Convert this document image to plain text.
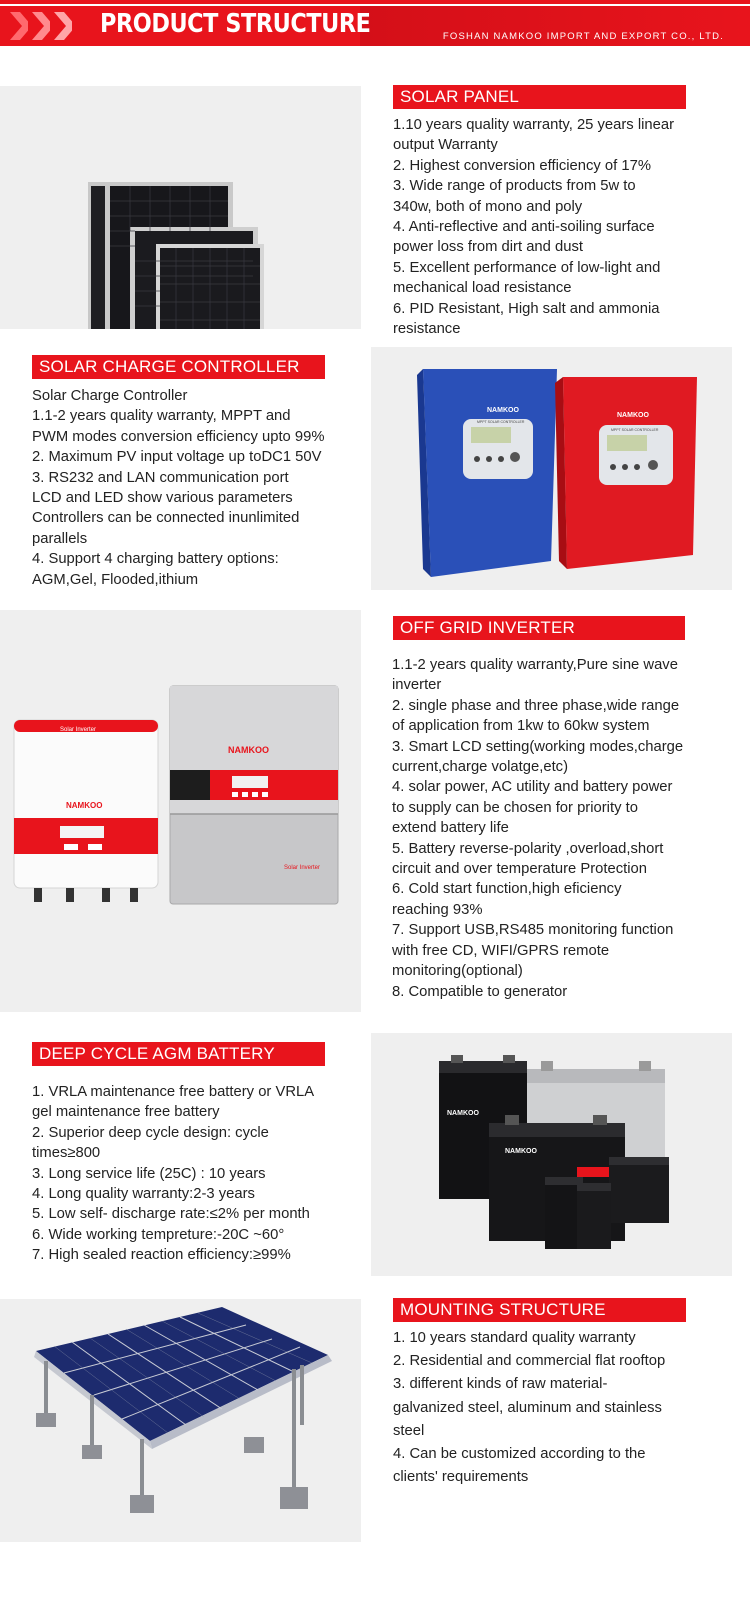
PRODUCT STRUCTURE	FOSHAN NAMKOO IMPORT AND EXPORT CO., LTD.
SOLAR PANEL

1.10 years quality warranty, 25 years linear

output Warranty

2. Highest conversion efficiency of 17%

3. Wide range of products from 5w to

340w, both of mono and poly

4. Anti-reflective and anti-soiling surface

power loss from dirt and dust

5. Excellent performance of low-light and

mechanical load resistance

6. PID Resistant, High salt and ammonia

resistance

SOLAR CHARGE CONTROLLER

Solar Charge Controller

1.1-2 years quality warranty, MPPT and

PWM modes conversion efficiency upto 99%

2. Maximum PV input voltage up toDC1 50V

3. RS232 and LAN communication port

LCD and LED show various parameters

Controllers can be connected inunlimited

parallels

4. Support 4 charging battery options:

AGM,Gel, Flooded,ithium

NAMKOO
MPPT SOLAR CONTROLLER
NAMKOO
MPPT SOLAR CONTROLLER
Solar Inverter
NAMKOO
NAMKOO
Solar Inverter
OFF GRID INVERTER

1.1-2 years quality warranty,Pure sine wave

inverter

2. single phase and three phase,wide range

of application from 1kw to 60kw system

3. Smart LCD setting(working modes,charge

current,charge volatge,etc)

4. solar power, AC utility and battery power

to supply can be chosen for priority to

extend battery life

5. Battery reverse-polarity ,overload,short

circuit and over temperature Protection

6. Cold start function,high eficiency

reaching 93%

7. Support USB,RS485 monitoring function

with free CD, WIFI/GPRS remote

monitoring(optional)

8. Compatible to generator

DEEP CYCLE AGM BATTERY

1. VRLA maintenance free battery or VRLA

gel maintenance free battery

2. Superior deep cycle design: cycle

times≥800

3. Long service life (25C) : 10 years

4. Long quality warranty:2-3 years

5. Low self- discharge rate:≤2% per month

6. Wide working tempreture:-20C ~60°

7. High sealed reaction efficiency:≥99%

NAMKOO
NAMKOO
MOUNTING STRUCTURE

1. 10 years standard quality warranty

2. Residential and commercial flat rooftop

3. different kinds of raw material-

galvanized steel, aluminum and stainless

steel

4. Can be customized according to the

clients' requirements
